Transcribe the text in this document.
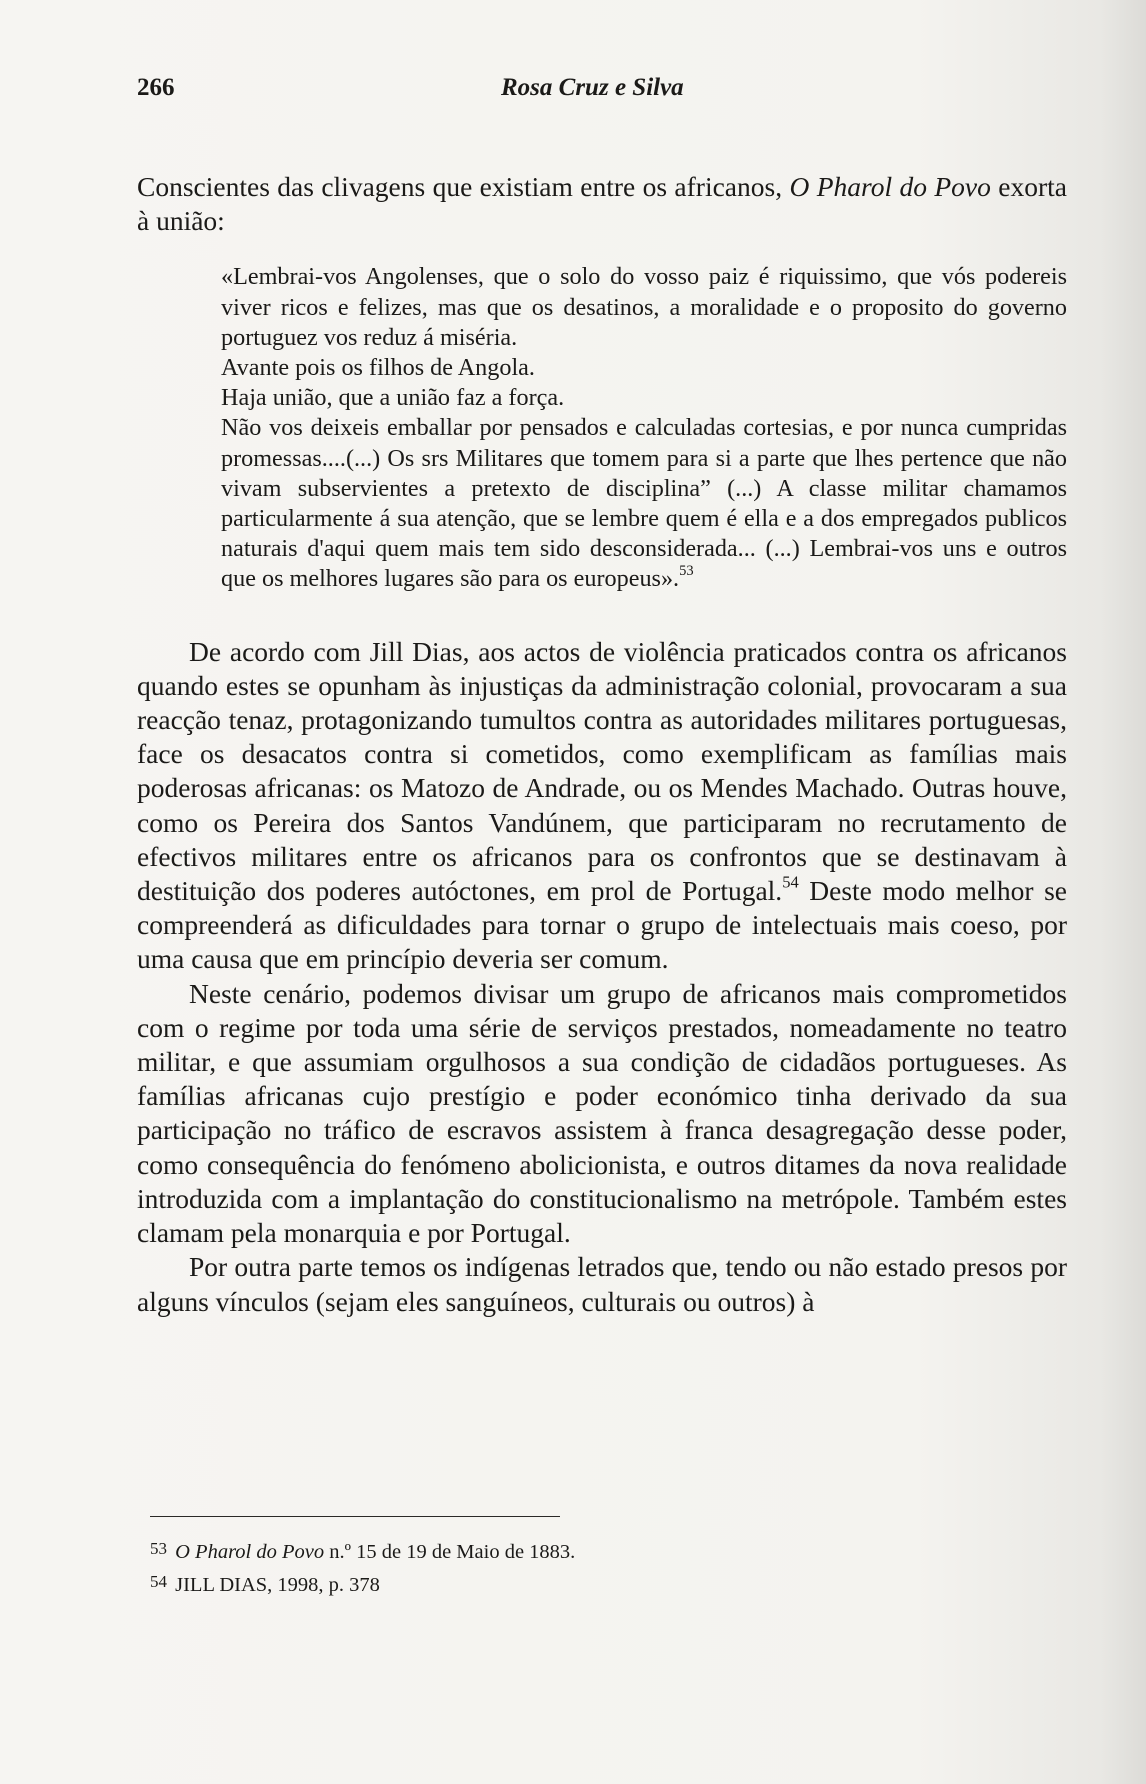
266	Rosa Cruz e Silva

Conscientes das clivagens que existiam entre os africanos, O Pharol do Povo exorta à união:

«Lembrai-vos Angolenses, que o solo do vosso paiz é riquissimo, que vós podereis viver ricos e felizes, mas que os desatinos, a moralidade e o proposito do governo portuguez vos reduz á miséria.
Avante pois os filhos de Angola.
Haja união, que a união faz a força.
Não vos deixeis emballar por pensados e calculadas cortesias, e por nunca cumpridas promessas....(...) Os srs Militares que tomem para si a parte que lhes pertence que não vivam subservientes a pretexto de disciplina” (...) A classe militar chamamos particularmente á sua atenção, que se lembre quem é ella e a dos empregados publicos naturais d'aqui quem mais tem sido desconsiderada... (...) Lembrai-vos uns e outros que os melhores lugares são para os europeus».$^{53}$

De acordo com Jill Dias, aos actos de violência praticados contra os africanos quando estes se opunham às injustiças da administração colonial, provocaram a sua reacção tenaz, protagonizando tumultos contra as autoridades militares portuguesas, face os desacatos contra si cometidos, como exemplificam as famílias mais poderosas africanas: os Matozo de Andrade, ou os Mendes Machado. Outras houve, como os Pereira dos Santos Vandúnem, que participaram no recrutamento de efectivos militares entre os africanos para os confrontos que se destinavam à destituição dos poderes autóctones, em prol de Portugal.$^{54}$ Deste modo melhor se compreenderá as dificuldades para tornar o grupo de intelectuais mais coeso, por uma causa que em princípio deveria ser comum.

Neste cenário, podemos divisar um grupo de africanos mais comprometidos com o regime por toda uma série de serviços prestados, nomeadamente no teatro militar, e que assumiam orgulhosos a sua condição de cidadãos portugueses. As famílias africanas cujo prestígio e poder económico tinha derivado da sua participação no tráfico de escravos assistem à franca desagregação desse poder, como consequência do fenómeno abolicionista, e outros ditames da nova realidade introduzida com a implantação do constitucionalismo na metrópole. Também estes clamam pela monarquia e por Portugal.

Por outra parte temos os indígenas letrados que, tendo ou não estado presos por alguns vínculos (sejam eles sanguíneos, culturais ou outros) à

53 O Pharol do Povo n.º 15 de 19 de Maio de 1883.
54 JILL DIAS, 1998, p. 378
